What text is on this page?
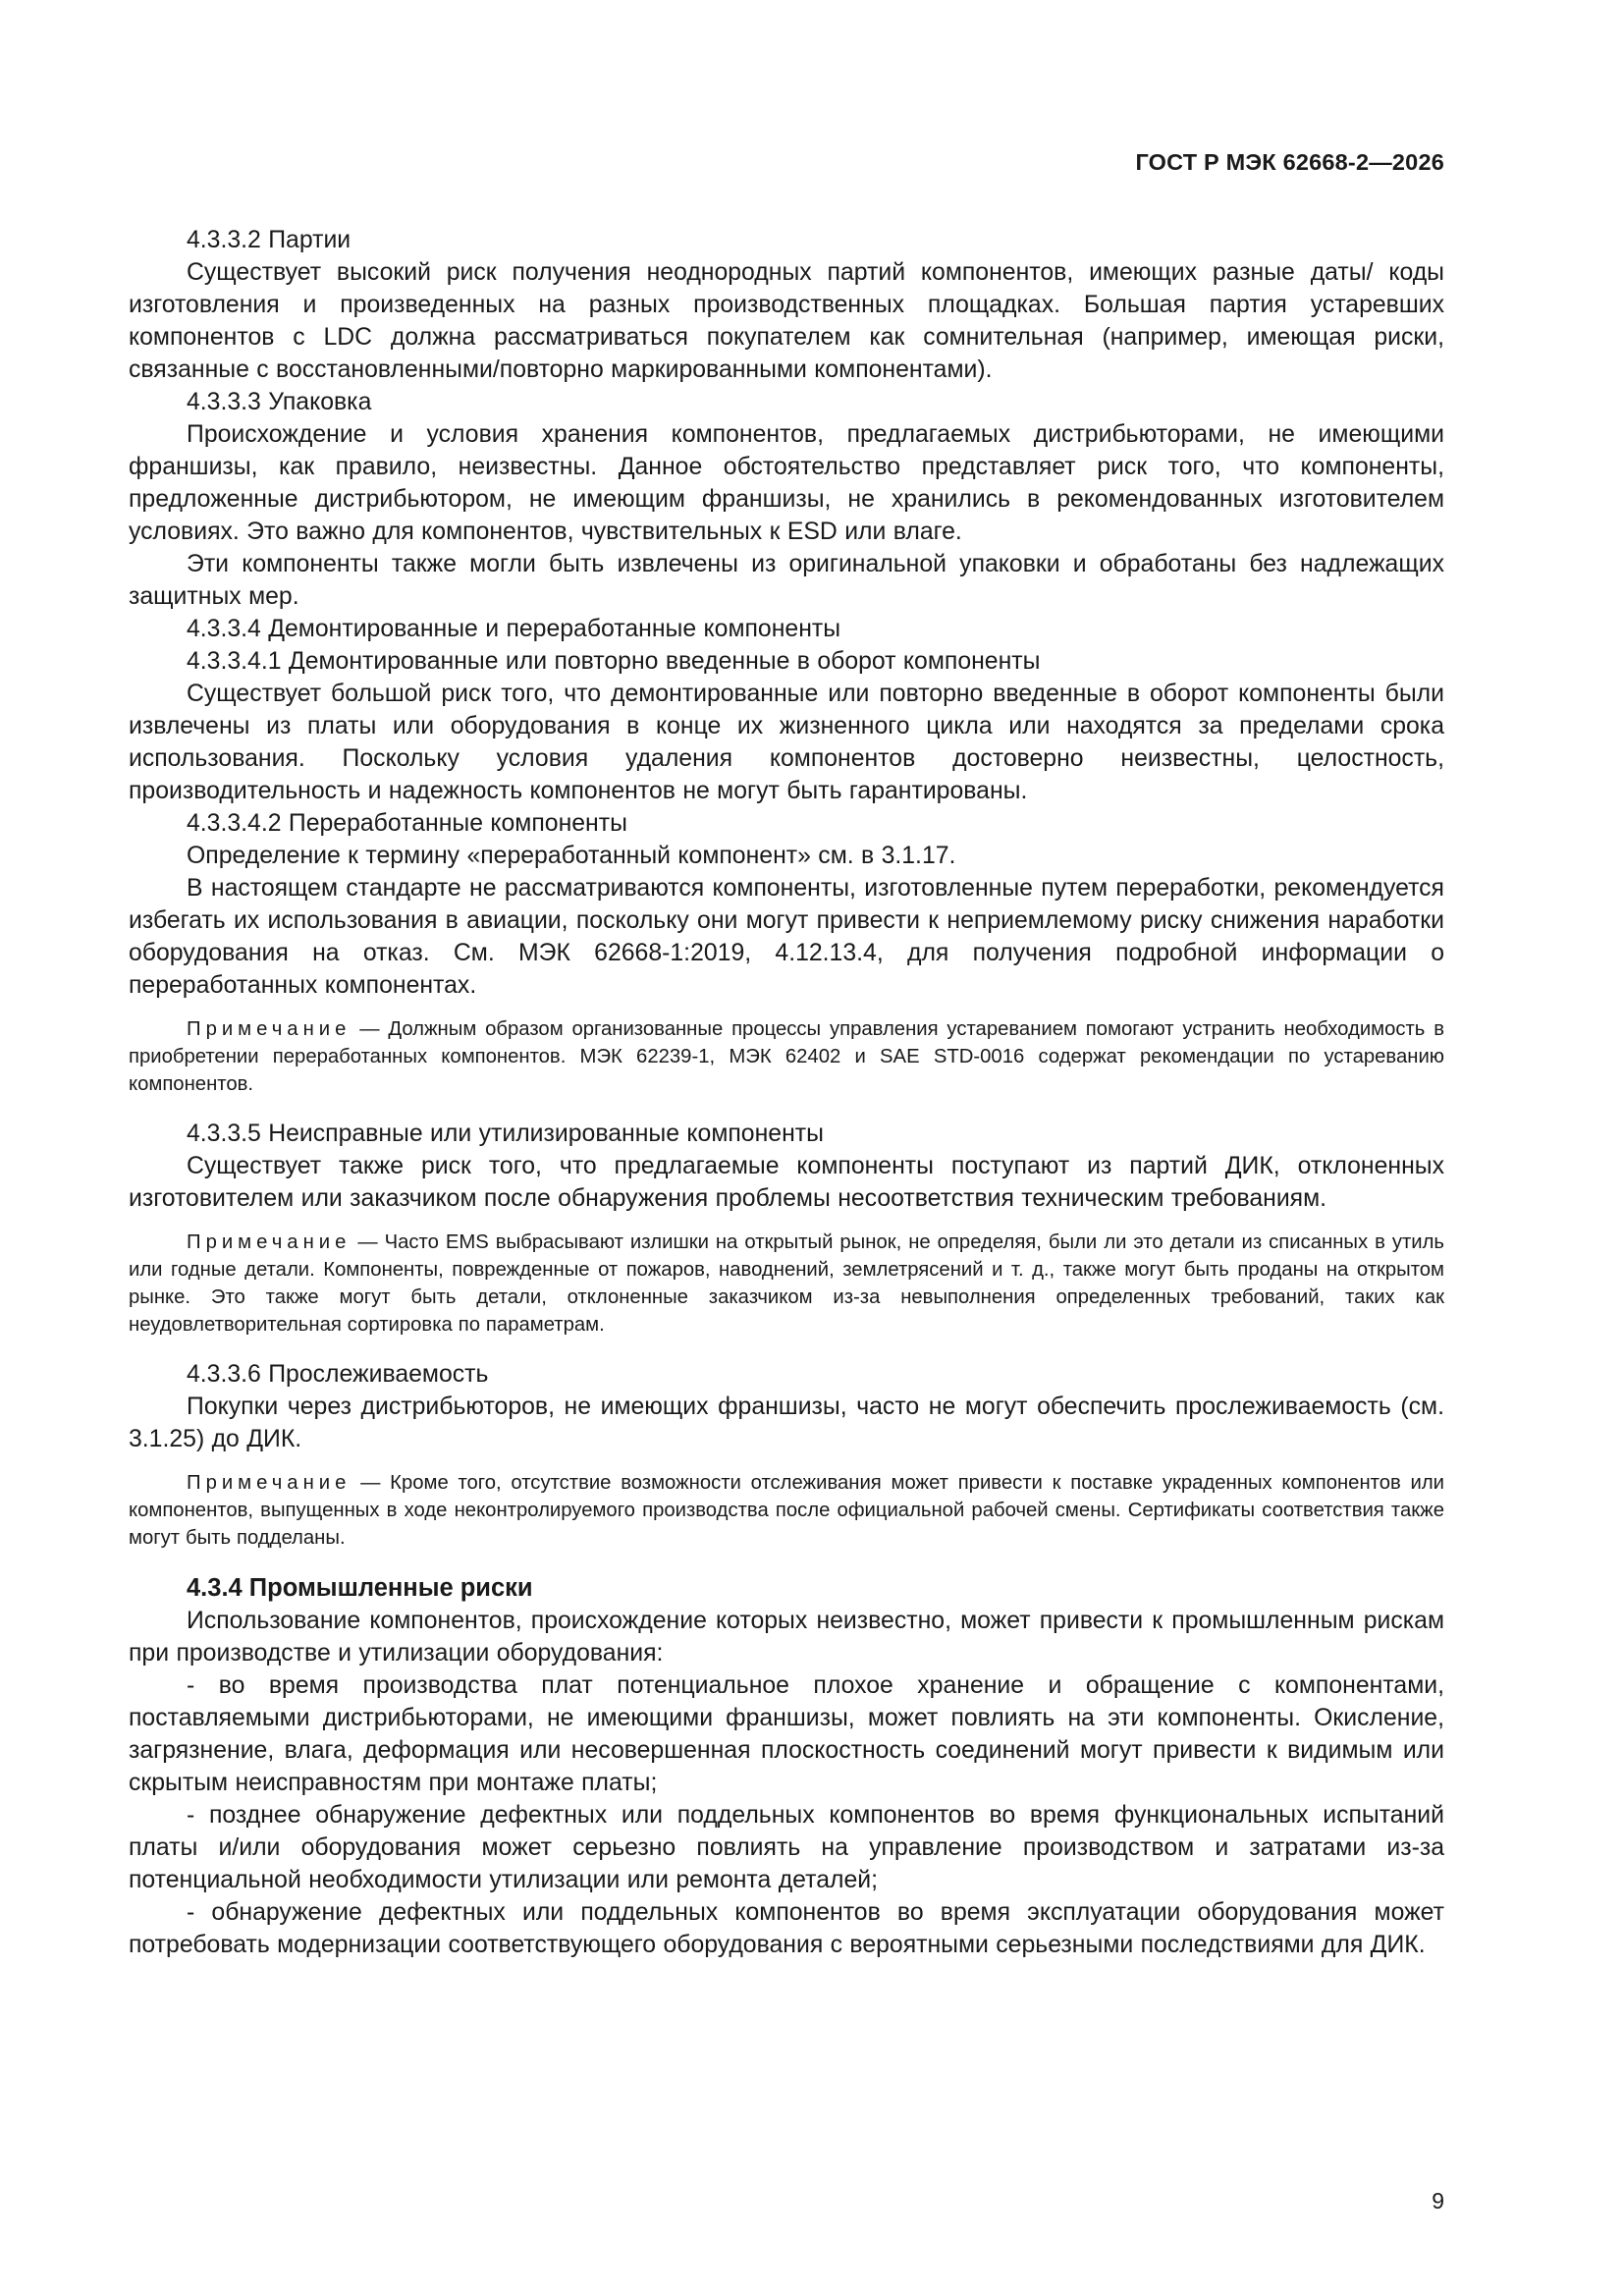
ГОСТ Р МЭК 62668-2—2026

4.3.3.2 Партии

Существует высокий риск получения неоднородных партий компонентов, имеющих разные даты/ коды изготовления и произведенных на разных производственных площадках. Большая партия устаревших компонентов с LDC должна рассматриваться покупателем как сомнительная (например, имеющая риски, связанные с восстановленными/повторно маркированными компонентами).

4.3.3.3 Упаковка

Происхождение и условия хранения компонентов, предлагаемых дистрибьюторами, не имеющими франшизы, как правило, неизвестны. Данное обстоятельство представляет риск того, что компоненты, предложенные дистрибьютором, не имеющим франшизы, не хранились в рекомендованных изготовителем условиях. Это важно для компонентов, чувствительных к ESD или влаге.

Эти компоненты также могли быть извлечены из оригинальной упаковки и обработаны без надлежащих защитных мер.

4.3.3.4 Демонтированные и переработанные компоненты

4.3.3.4.1 Демонтированные или повторно введенные в оборот компоненты

Существует большой риск того, что демонтированные или повторно введенные в оборот компоненты были извлечены из платы или оборудования в конце их жизненного цикла или находятся за пределами срока использования. Поскольку условия удаления компонентов достоверно неизвестны, целостность, производительность и надежность компонентов не могут быть гарантированы.

4.3.3.4.2 Переработанные компоненты

Определение к термину «переработанный компонент» см. в 3.1.17.

В настоящем стандарте не рассматриваются компоненты, изготовленные путем переработки, рекомендуется избегать их использования в авиации, поскольку они могут привести к неприемлемому риску снижения наработки оборудования на отказ. См. МЭК 62668-1:2019, 4.12.13.4, для получения подробной информации о переработанных компонентах.

Примечание — Должным образом организованные процессы управления устареванием помогают устранить необходимость в приобретении переработанных компонентов. МЭК 62239-1, МЭК 62402 и SAE STD-0016 содержат рекомендации по устареванию компонентов.

4.3.3.5 Неисправные или утилизированные компоненты

Существует также риск того, что предлагаемые компоненты поступают из партий ДИК, отклоненных изготовителем или заказчиком после обнаружения проблемы несоответствия техническим требованиям.

Примечание — Часто EMS выбрасывают излишки на открытый рынок, не определяя, были ли это детали из списанных в утиль или годные детали. Компоненты, поврежденные от пожаров, наводнений, землетрясений и т. д., также могут быть проданы на открытом рынке. Это также могут быть детали, отклоненные заказчиком из-за невыполнения определенных требований, таких как неудовлетворительная сортировка по параметрам.

4.3.3.6 Прослеживаемость

Покупки через дистрибьюторов, не имеющих франшизы, часто не могут обеспечить прослеживаемость (см. 3.1.25) до ДИК.

Примечание — Кроме того, отсутствие возможности отслеживания может привести к поставке украденных компонентов или компонентов, выпущенных в ходе неконтролируемого производства после официальной рабочей смены. Сертификаты соответствия также могут быть подделаны.

4.3.4 Промышленные риски

Использование компонентов, происхождение которых неизвестно, может привести к промышленным рискам при производстве и утилизации оборудования:

- во время производства плат потенциальное плохое хранение и обращение с компонентами, поставляемыми дистрибьюторами, не имеющими франшизы, может повлиять на эти компоненты. Окисление, загрязнение, влага, деформация или несовершенная плоскостность соединений могут привести к видимым или скрытым неисправностям при монтаже платы;

- позднее обнаружение дефектных или поддельных компонентов во время функциональных испытаний платы и/или оборудования может серьезно повлиять на управление производством и затратами из-за потенциальной необходимости утилизации или ремонта деталей;

- обнаружение дефектных или поддельных компонентов во время эксплуатации оборудования может потребовать модернизации соответствующего оборудования с вероятными серьезными последствиями для ДИК.

9
